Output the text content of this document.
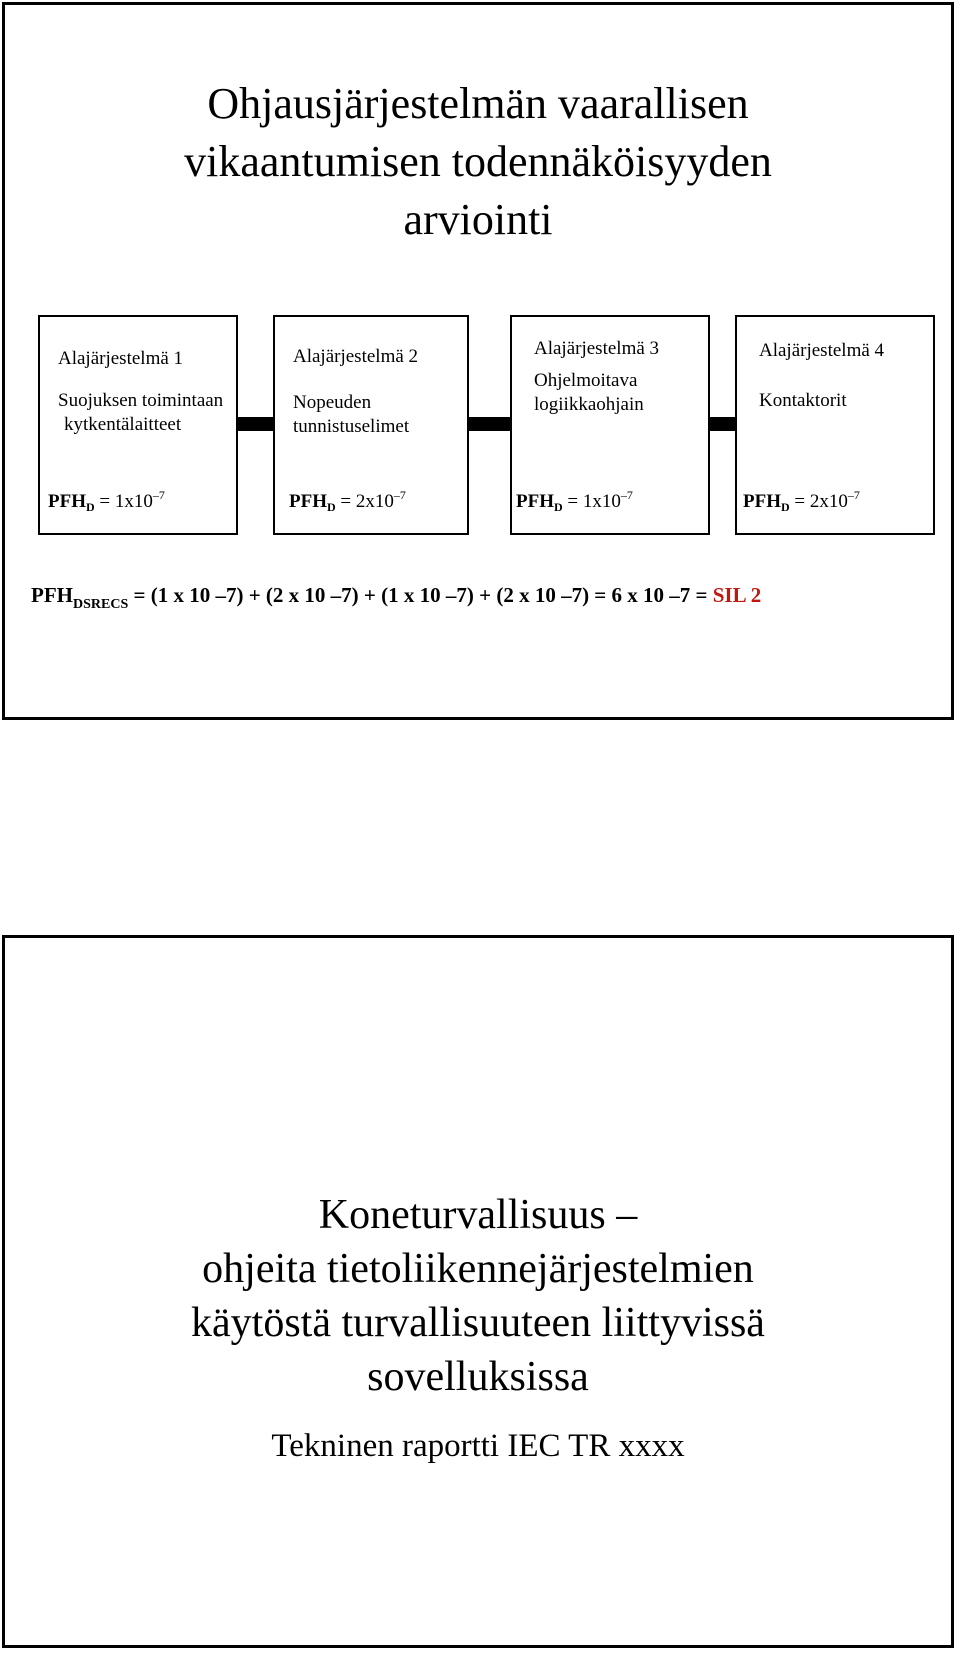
Ohjausjärjestelmän vaarallisen
vikaantumisen todennäköisyyden
arviointi
Alajärjestelmä 1
Suojuksen toimintaan
kytkentälaitteet
$PFH_D = 1x10^{-7}$
Alajärjestelmä 2
Nopeuden
tunnistuselimet
$PFH_D = 2x10^{-7}$
Alajärjestelmä 3
Ohjelmoitava
logiikkaohjain
$PFH_D = 1x10^{-7}$
Alajärjestelmä 4
Kontaktorit
$PFH_D = 2x10^{-7}$
$PFH_{DSRECS} = (1$ x 10 –7) + (2 x 10 –7) + (1 x 10 –7) + (2 x 10 –7) = 6 x 10 –7 = SIL 2
Koneturvallisuus –
ohjeita tietoliikennejärjestelmien
käytöstä turvallisuuteen liittyvissä
sovelluksissa
Tekninen raportti IEC TR xxxx
